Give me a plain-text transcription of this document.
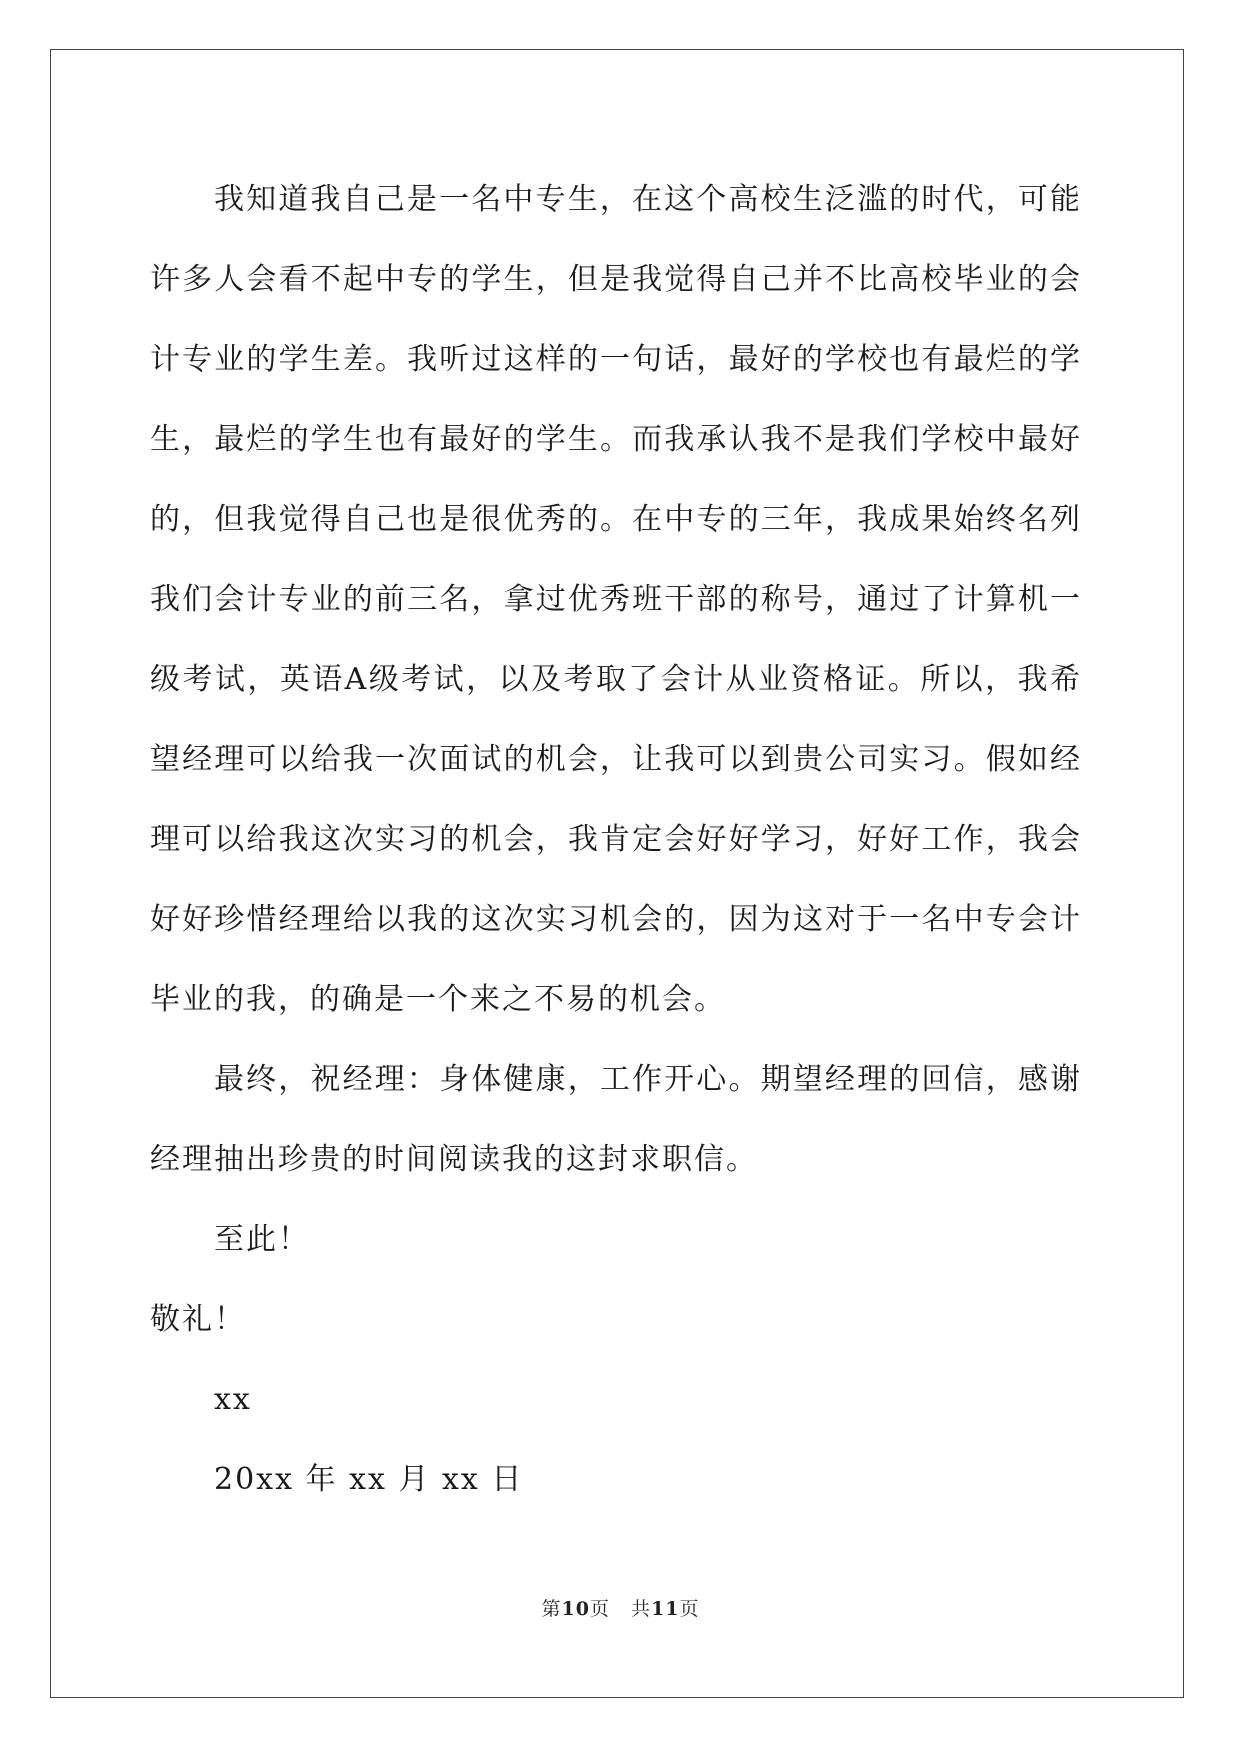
我知道我自己是一名中专生，在这个高校生泛滥的时代，可能许多人会看不起中专的学生，但是我觉得自己并不比高校毕业的会计专业的学生差。我听过这样的一句话，最好的学校也有最烂的学生，最烂的学生也有最好的学生。而我承认我不是我们学校中最好的，但我觉得自己也是很优秀的。在中专的三年，我成果始终名列我们会计专业的前三名，拿过优秀班干部的称号，通过了计算机一级考试，英语A级考试，以及考取了会计从业资格证。所以，我希望经理可以给我一次面试的机会，让我可以到贵公司实习。假如经理可以给我这次实习的机会，我肯定会好好学习，好好工作，我会好好珍惜经理给以我的这次实习机会的，因为这对于一名中专会计毕业的我，的确是一个来之不易的机会。

最终，祝经理：身体健康，工作开心。期望经理的回信，感谢经理抽出珍贵的时间阅读我的这封求职信。

至此！

敬礼！

xx

20xx 年 xx 月 xx 日

第10页   共11页
